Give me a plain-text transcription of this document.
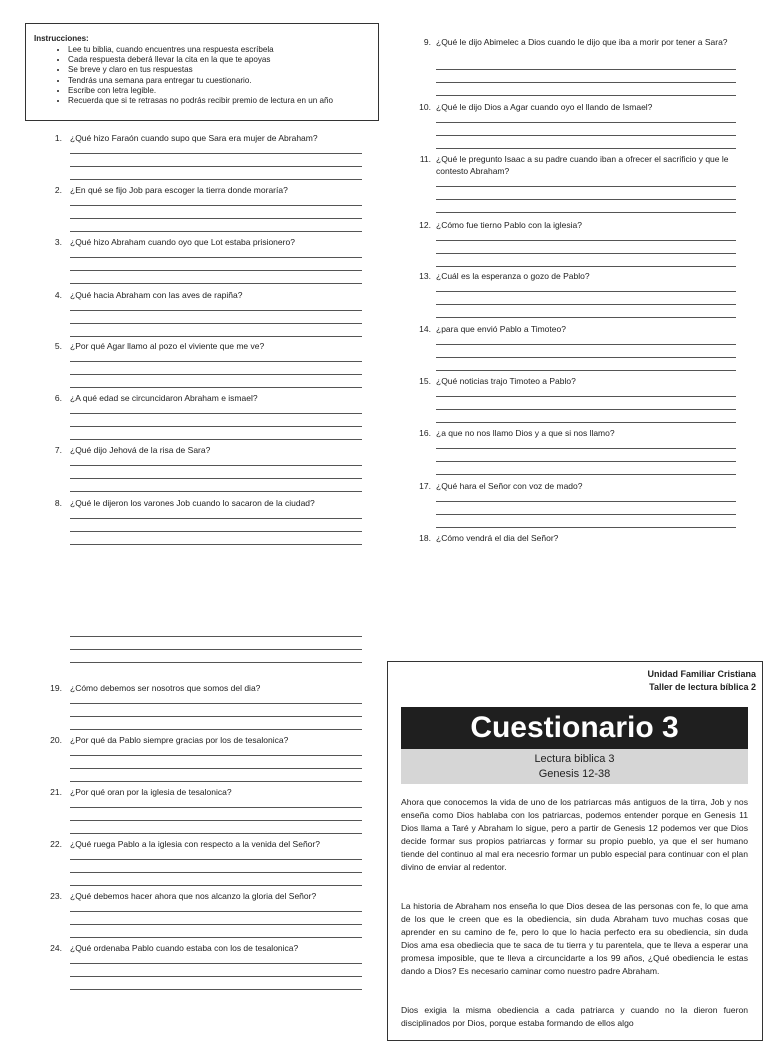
Instrucciones:
• Lee tu biblia, cuando encuentres una respuesta escríbela
• Cada respuesta deberá llevar la cita en la que te apoyas
• Se breve y claro en tus respuestas
• Tendrás una semana para entregar tu cuestionario.
• Escribe con letra legible.
• Recuerda que si te retrasas no podrás recibir premio de lectura en un año
1. ¿Qué hizo Faraón cuando supo que Sara era mujer de Abraham?
2. ¿En qué se fijo Job para escoger la tierra donde moraría?
3. ¿Qué hizo Abraham cuando oyo que Lot estaba prisionero?
4. ¿Qué hacia Abraham con las aves de rapiña?
5. ¿Por qué Agar llamo al pozo el viviente que me ve?
6. ¿A qué edad se circuncidaron Abraham e ismael?
7. ¿Qué dijo Jehová de la risa de Sara?
8. ¿Qué le dijeron los varones Job cuando lo sacaron de la ciudad?
9. ¿Qué le dijo Abimelec a Dios cuando le dijo que iba a morir por tener a Sara?
10. ¿Qué le dijo Dios a Agar cuando oyo el llando de Ismael?
11. ¿Qué le pregunto Isaac a su padre cuando iban a ofrecer el sacrificio y que le contesto Abraham?
12. ¿Cómo fue tierno Pablo con la iglesia?
13. ¿Cuál es la esperanza o gozo de Pablo?
14. ¿para que envió Pablo a Timoteo?
15. ¿Qué noticias trajo Timoteo a Pablo?
16. ¿a que no nos llamo Dios y a que si nos llamo?
17. ¿Qué hara el Señor con voz de mado?
18. ¿Cómo vendrá el dia del Señor?
19. ¿Cómo debemos ser nosotros que somos del dia?
20. ¿Por qué da Pablo siempre gracias por los de tesalonica?
21. ¿Por qué oran por la iglesia de tesalonica?
22. ¿Qué ruega Pablo a la iglesia con respecto a la venida del Señor?
23. ¿Qué debemos hacer ahora que nos alcanzo la gloria del Señor?
24. ¿Qué ordenaba Pablo cuando estaba con los de tesalonica?
Unidad Familiar Cristiana
Taller de lectura bíblica 2
Cuestionario 3
Lectura biblica 3
Genesis 12-38
Ahora que conocemos la vida de uno de los patriarcas más antiguos de la tirra, Job y nos enseña como Dios hablaba con los patriarcas, podemos entender porque en Genesis 11 Dios llama a Taré y Abraham lo sigue, pero a partir de Genesis 12 podemos ver que Dios decide formar sus propios patriarcas y formar su propio pueblo, ya que el ser humano tiende del continuo al mal era necesrio formar un publo especial para continuar con el plan divino de enviar al redentor.
La historia de Abraham nos enseña lo que Dios desea de las personas con fe, lo que ama de los que le creen que es la obediencia, sin duda Abraham tuvo muchas cosas que aprender en su camino de fe, pero lo que lo hacia perfecto era su obediencia, sin duda Dios ama esa obediecia que te saca de tu tierra y tu parentela, que te lleva a esperar una promesa imposible, que te lleva a circuncidarte a los 99 años, ¿Qué obediencia le estas dando a Dios? Es necesario caminar como nuestro padre Abraham.
Dios exigia la misma obediencia a cada patriarca y cuando no la dieron fueron disciplinados por Dios, porque estaba formando de ellos algo
